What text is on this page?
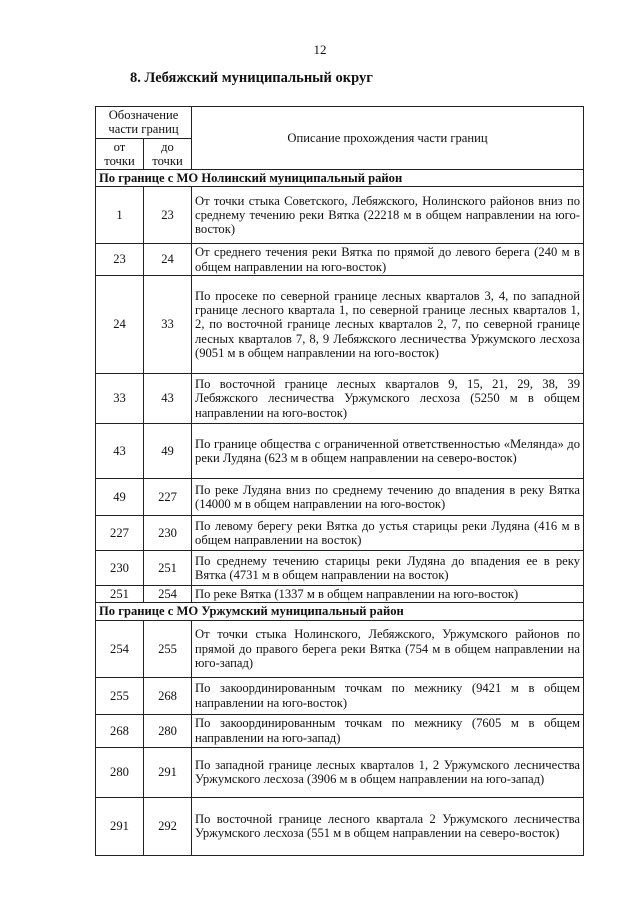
12
8. Лебяжский муниципальный округ
Обозначение части границ		Описание прохождения части границ
от точки	до точки	
По границе с МО Нолинский муниципальный район		
1	23	От точки стыка Советского, Лебяжского, Нолинского районов вниз по среднему течению реки Вятка (22218 м в общем направлении на юго-восток)
23	24	От среднего течения реки Вятка по прямой до левого берега (240 м в общем направлении на юго-восток)
24	33	По просеке по северной границе лесных кварталов 3, 4, по западной границе лесного квартала 1, по северной границе лесных кварталов 1, 2, по восточной границе лесных кварталов 2, 7, по северной границе лесных кварталов 7, 8, 9 Лебяжского лесничества Уржумского лесхоза (9051 м в общем направлении на юго-восток)
33	43	По восточной границе лесных кварталов 9, 15, 21, 29, 38, 39 Лебяжского лесничества Уржумского лесхоза (5250 м в общем направлении на юго-восток)
43	49	По границе общества с ограниченной ответственностью «Меляндa» до реки Лудяна (623 м в общем направлении на северо-восток)
49	227	По реке Лудяна вниз по среднему течению до впадения в реку Вятка (14000 м в общем направлении на юго-восток)
227	230	По левому берегу реки Вятка до устья старицы реки Лудяна (416 м в общем направлении на восток)
230	251	По среднему течению старицы реки Лудяна до впадения ее в реку Вятка (4731 м в общем направлении на восток)
251	254	По реке Вятка (1337 м в общем направлении на юго-восток)
По границе с МО Уржумский муниципальный район		
254	255	От точки стыка Нолинского, Лебяжского, Уржумского районов по прямой до правого берега реки Вятка (754 м в общем направлении на юго-запад)
255	268	По закоординированным точкам по межнику (9421 м в общем направлении на юго-восток)
268	280	По закоординированным точкам по межнику (7605 м в общем направлении на юго-запад)
280	291	По западной границе лесных кварталов 1, 2 Уржумского лесничества Уржумского лесхоза (3906 м в общем направлении на юго-запад)
291	292	По восточной границе лесного квартала 2 Уржумского лесничества Уржумского лесхоза (551 м в общем направлении на северо-восток)
